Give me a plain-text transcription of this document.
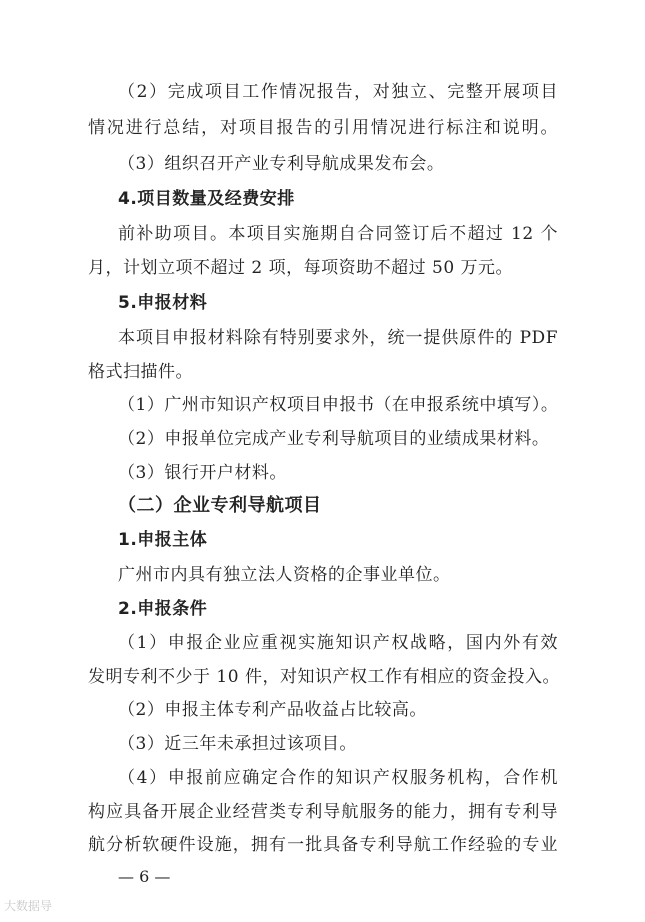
（2）完成项目工作情况报告，对独立、完整开展项目
情况进行总结，对项目报告的引用情况进行标注和说明。
（3）组织召开产业专利导航成果发布会。
4.项目数量及经费安排
前补助项目。本项目实施期自合同签订后不超过 12 个
月，计划立项不超过 2 项，每项资助不超过 50 万元。
5.申报材料
本项目申报材料除有特别要求外，统一提供原件的 PDF
格式扫描件。
（1）广州市知识产权项目申报书（在申报系统中填写）。
（2）申报单位完成产业专利导航项目的业绩成果材料。
（3）银行开户材料。
（二）企业专利导航项目
1.申报主体
广州市内具有独立法人资格的企事业单位。
2.申报条件
（1）申报企业应重视实施知识产权战略，国内外有效
发明专利不少于 10 件，对知识产权工作有相应的资金投入。
（2）申报主体专利产品收益占比较高。
（3）近三年未承担过该项目。
（4）申报前应确定合作的知识产权服务机构，合作机
构应具备开展企业经营类专利导航服务的能力，拥有专利导
航分析软硬件设施，拥有一批具备专利导航工作经验的专业
— 6 —
大数据导
